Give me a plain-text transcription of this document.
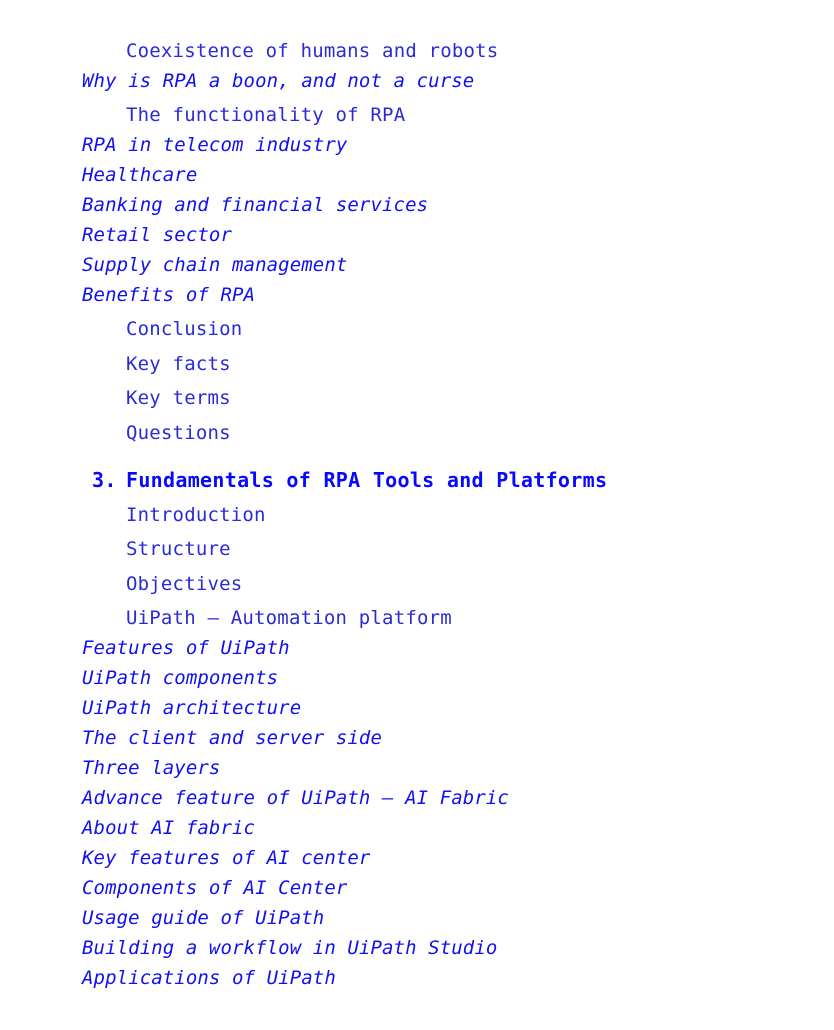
Coexistence of humans and robots
Why is RPA a boon, and not a curse
The functionality of RPA
RPA in telecom industry
Healthcare
Banking and financial services
Retail sector
Supply chain management
Benefits of RPA
Conclusion
Key facts
Key terms
Questions
3. Fundamentals of RPA Tools and Platforms
Introduction
Structure
Objectives
UiPath – Automation platform
Features of UiPath
UiPath components
UiPath architecture
The client and server side
Three layers
Advance feature of UiPath – AI Fabric
About AI fabric
Key features of AI center
Components of AI Center
Usage guide of UiPath
Building a workflow in UiPath Studio
Applications of UiPath
